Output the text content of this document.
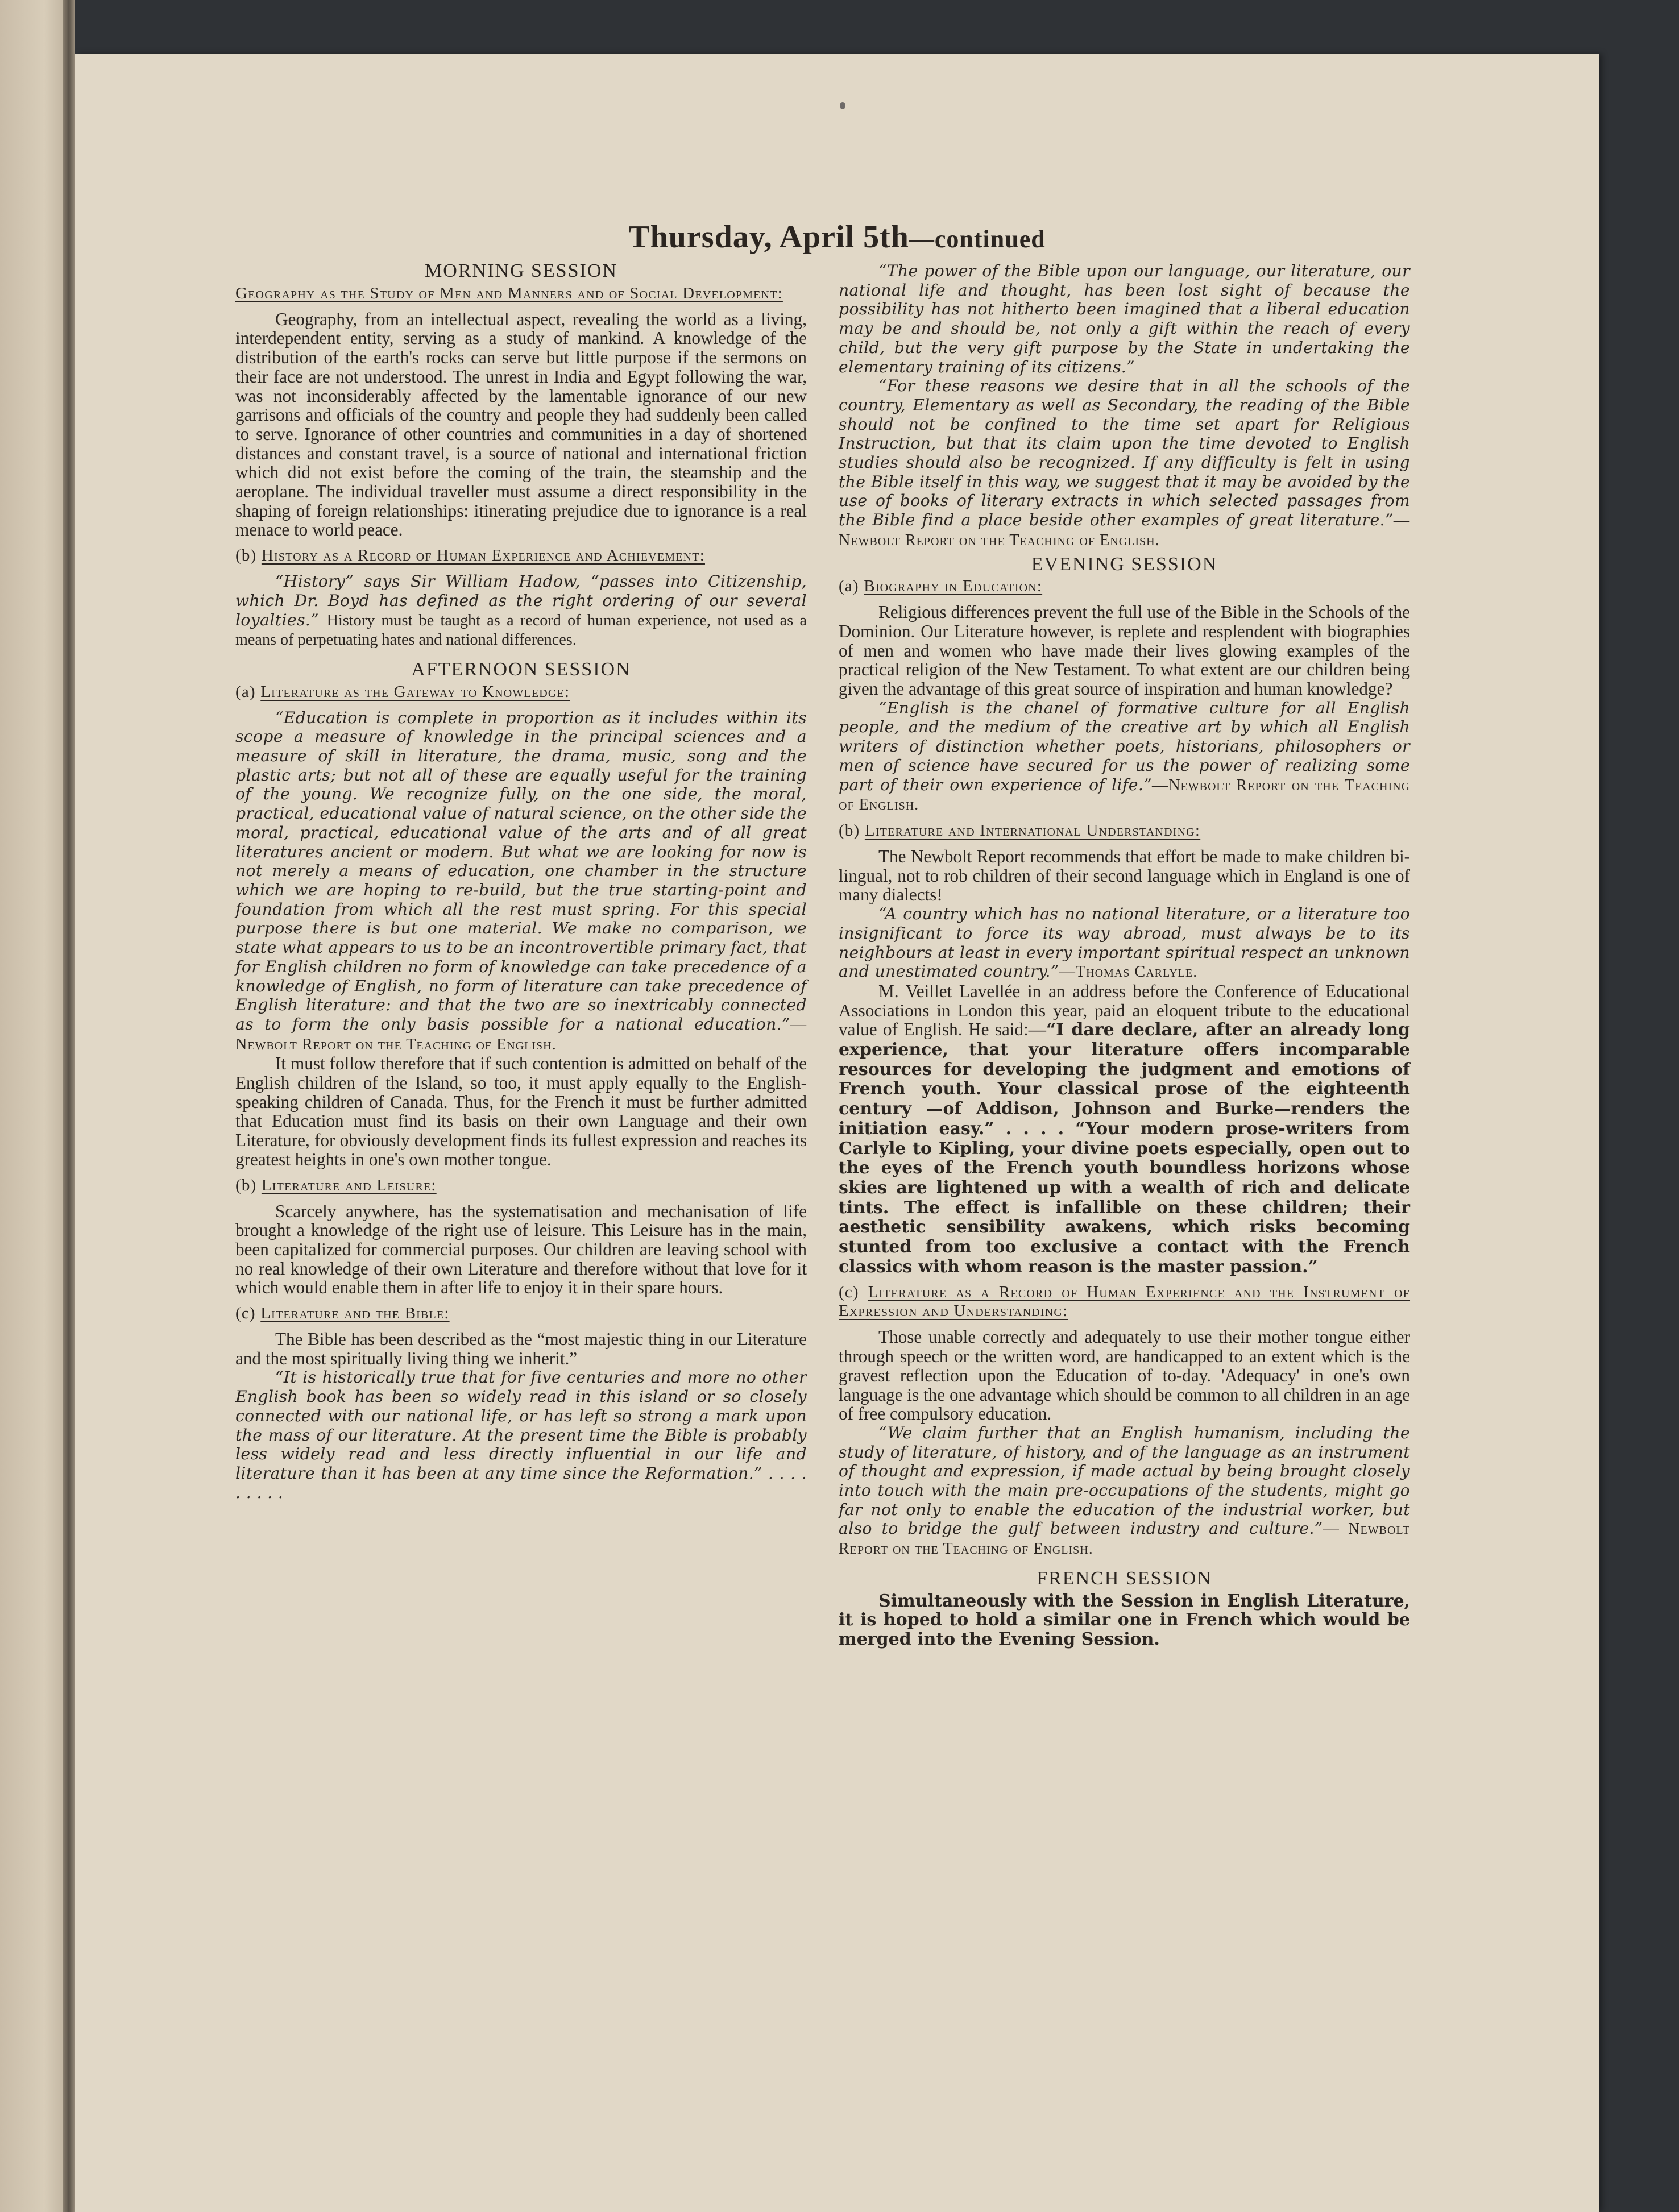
Thursday, April 5th—continued
MORNING SESSION
Geography as the Study of Men and Manners and of Social Development:

Geography, from an intellectual aspect, revealing the world as a living, interdependent entity, serving as a study of mankind. A knowledge of the distribution of the earth's rocks can serve but little purpose if the sermons on their face are not understood. The unrest in India and Egypt following the war, was not inconsiderably affected by the lamentable ignorance of our new garrisons and officials of the country and people they had suddenly been called to serve. Ignorance of other countries and communities in a day of shortened distances and constant travel, is a source of national and international friction which did not exist before the coming of the train, the steamship and the aeroplane. The individual traveller must assume a direct responsibility in the shaping of foreign relationships: itinerating prejudice due to ignorance is a real menace to world peace.

(b) History as a Record of Human Experience and Achievement:

“History” says Sir William Hadow, “passes into Citizenship, which Dr. Boyd has defined as the right ordering of our several loyalties.” History must be taught as a record of human experience, not used as a means of perpetuating hates and national differences.

AFTERNOON SESSION
(a) Literature as the Gateway to Knowledge:

“Education is complete in proportion as it includes within its scope a measure of knowledge in the principal sciences and a measure of skill in literature, the drama, music, song and the plastic arts; but not all of these are equally useful for the training of the young. We recognize fully, on the one side, the moral, practical, educational value of natural science, on the other side the moral, practical, educational value of the arts and of all great literatures ancient or modern. But what we are looking for now is not merely a means of education, one chamber in the structure which we are hoping to re-build, but the true starting-point and foundation from which all the rest must spring. For this special purpose there is but one material. We make no comparison, we state what appears to us to be an incontrovertible primary fact, that for English children no form of knowledge can take precedence of a knowledge of English, no form of literature can take precedence of English literature: and that the two are so inextricably connected as to form the only basis possible for a national education.”—Newbolt Report on the Teaching of English.

It must follow therefore that if such contention is admitted on behalf of the English children of the Island, so too, it must apply equally to the English-speaking children of Canada. Thus, for the French it must be further admitted that Education must find its basis on their own Language and their own Literature, for obviously development finds its fullest expression and reaches its greatest heights in one's own mother tongue.

(b) Literature and Leisure:

Scarcely anywhere, has the systematisation and mechanisation of life brought a knowledge of the right use of leisure. This Leisure has in the main, been capitalized for commercial purposes. Our children are leaving school with no real knowledge of their own Literature and therefore without that love for it which would enable them in after life to enjoy it in their spare hours.

(c) Literature and the Bible:

The Bible has been described as the “most majestic thing in our Literature and the most spiritually living thing we inherit.”

“It is historically true that for five centuries and more no other English book has been so widely read in this island or so closely connected with our national life, or has left so strong a mark upon the mass of our literature. At the present time the Bible is probably less widely read and less directly influential in our life and literature than it has been at any time since the Reformation.” . . . . . . . . .

“The power of the Bible upon our language, our literature, our national life and thought, has been lost sight of because the possibility has not hitherto been imagined that a liberal education may be and should be, not only a gift within the reach of every child, but the very gift purpose by the State in undertaking the elementary training of its citizens.”

“For these reasons we desire that in all the schools of the country, Elementary as well as Secondary, the reading of the Bible should not be confined to the time set apart for Religious Instruction, but that its claim upon the time devoted to English studies should also be recognized. If any difficulty is felt in using the Bible itself in this way, we suggest that it may be avoided by the use of books of literary extracts in which selected passages from the Bible find a place beside other examples of great literature.”—Newbolt Report on the Teaching of English.

EVENING SESSION
(a) Biography in Education:

Religious differences prevent the full use of the Bible in the Schools of the Dominion. Our Literature however, is replete and resplendent with biographies of men and women who have made their lives glowing examples of the practical religion of the New Testament. To what extent are our children being given the advantage of this great source of inspiration and human knowledge?

“English is the chanel of formative culture for all English people, and the medium of the creative art by which all English writers of distinction whether poets, historians, philosophers or men of science have secured for us the power of realizing some part of their own experience of life.”—Newbolt Report on the Teaching of English.

(b) Literature and International Understanding:

The Newbolt Report recommends that effort be made to make children bi-lingual, not to rob children of their second language which in England is one of many dialects!

“A country which has no national literature, or a literature too insignificant to force its way abroad, must always be to its neighbours at least in every important spiritual respect an unknown and unestimated country.”—Thomas Carlyle.

M. Veillet Lavellée in an address before the Conference of Educational Associations in London this year, paid an eloquent tribute to the educational value of English. He said:—“I dare declare, after an already long experience, that your literature offers incomparable resources for developing the judgment and emotions of French youth. Your classical prose of the eighteenth century —of Addison, Johnson and Burke—renders the initiation easy.” . . . . “Your modern prose-writers from Carlyle to Kipling, your divine poets especially, open out to the eyes of the French youth boundless horizons whose skies are lightened up with a wealth of rich and delicate tints. The effect is infallible on these children; their aesthetic sensibility awakens, which risks becoming stunted from too exclusive a contact with the French classics with whom reason is the master passion.”

(c) Literature as a Record of Human Experience and the Instrument of Expression and Understanding:

Those unable correctly and adequately to use their mother tongue either through speech or the written word, are handicapped to an extent which is the gravest reflection upon the Education of to-day. 'Adequacy' in one's own language is the one advantage which should be common to all children in an age of free compulsory education.

“We claim further that an English humanism, including the study of literature, of history, and of the language as an instrument of thought and expression, if made actual by being brought closely into touch with the main pre-occupations of the students, might go far not only to enable the education of the industrial worker, but also to bridge the gulf between industry and culture.”— Newbolt Report on the Teaching of English.

FRENCH SESSION

Simultaneously with the Session in English Literature, it is hoped to hold a similar one in French which would be merged into the Evening Session.
